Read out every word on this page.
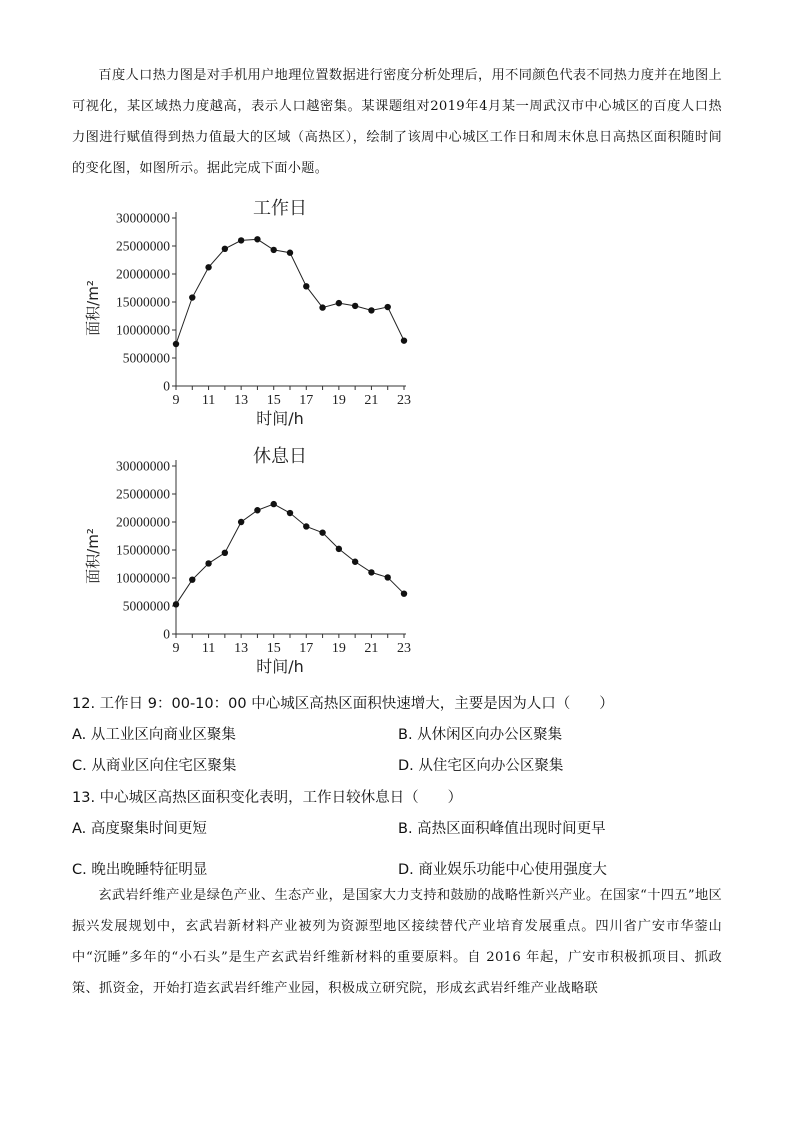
百度人口热力图是对手机用户地理位置数据进行密度分析处理后，用不同颜色代表不同热力度并在地图上可视化，某区域热力度越高，表示人口越密集。某课题组对2019年4月某一周武汉市中心城区的百度人口热力图进行赋值得到热力值最大的区域（高热区），绘制了该周中心城区工作日和周末休息日高热区面积随时间的变化图，如图所示。据此完成下面小题。
工作日
0
5000000
10000000
15000000
20000000
25000000
30000000
9 11 13 15 17 19 21 23
时间/h
面积/m²
休息日
0
5000000
10000000
15000000
20000000
25000000
30000000
9 11 13 15 17 19 21 23
时间/h
面积/m²
12. 工作日 9：00-10：00 中心城区高热区面积快速增大，主要是因为人口（　　）
A. 从工业区向商业区聚集	B. 从休闲区向办公区聚集
C. 从商业区向住宅区聚集	D. 从住宅区向办公区聚集
13. 中心城区高热区面积变化表明，工作日较休息日（　　）
A. 高度聚集时间更短	B. 高热区面积峰值出现时间更早
C. 晚出晚睡特征明显	D. 商业娱乐功能中心使用强度大
玄武岩纤维产业是绿色产业、生态产业，是国家大力支持和鼓励的战略性新兴产业。在国家“十四五”地区振兴发展规划中，玄武岩新材料产业被列为资源型地区接续替代产业培育发展重点。四川省广安市华蓥山中“沉睡”多年的“小石头”是生产玄武岩纤维新材料的重要原料。自 2016 年起，广安市积极抓项目、抓政策、抓资金，开始打造玄武岩纤维产业园，积极成立研究院，形成玄武岩纤维产业战略联
